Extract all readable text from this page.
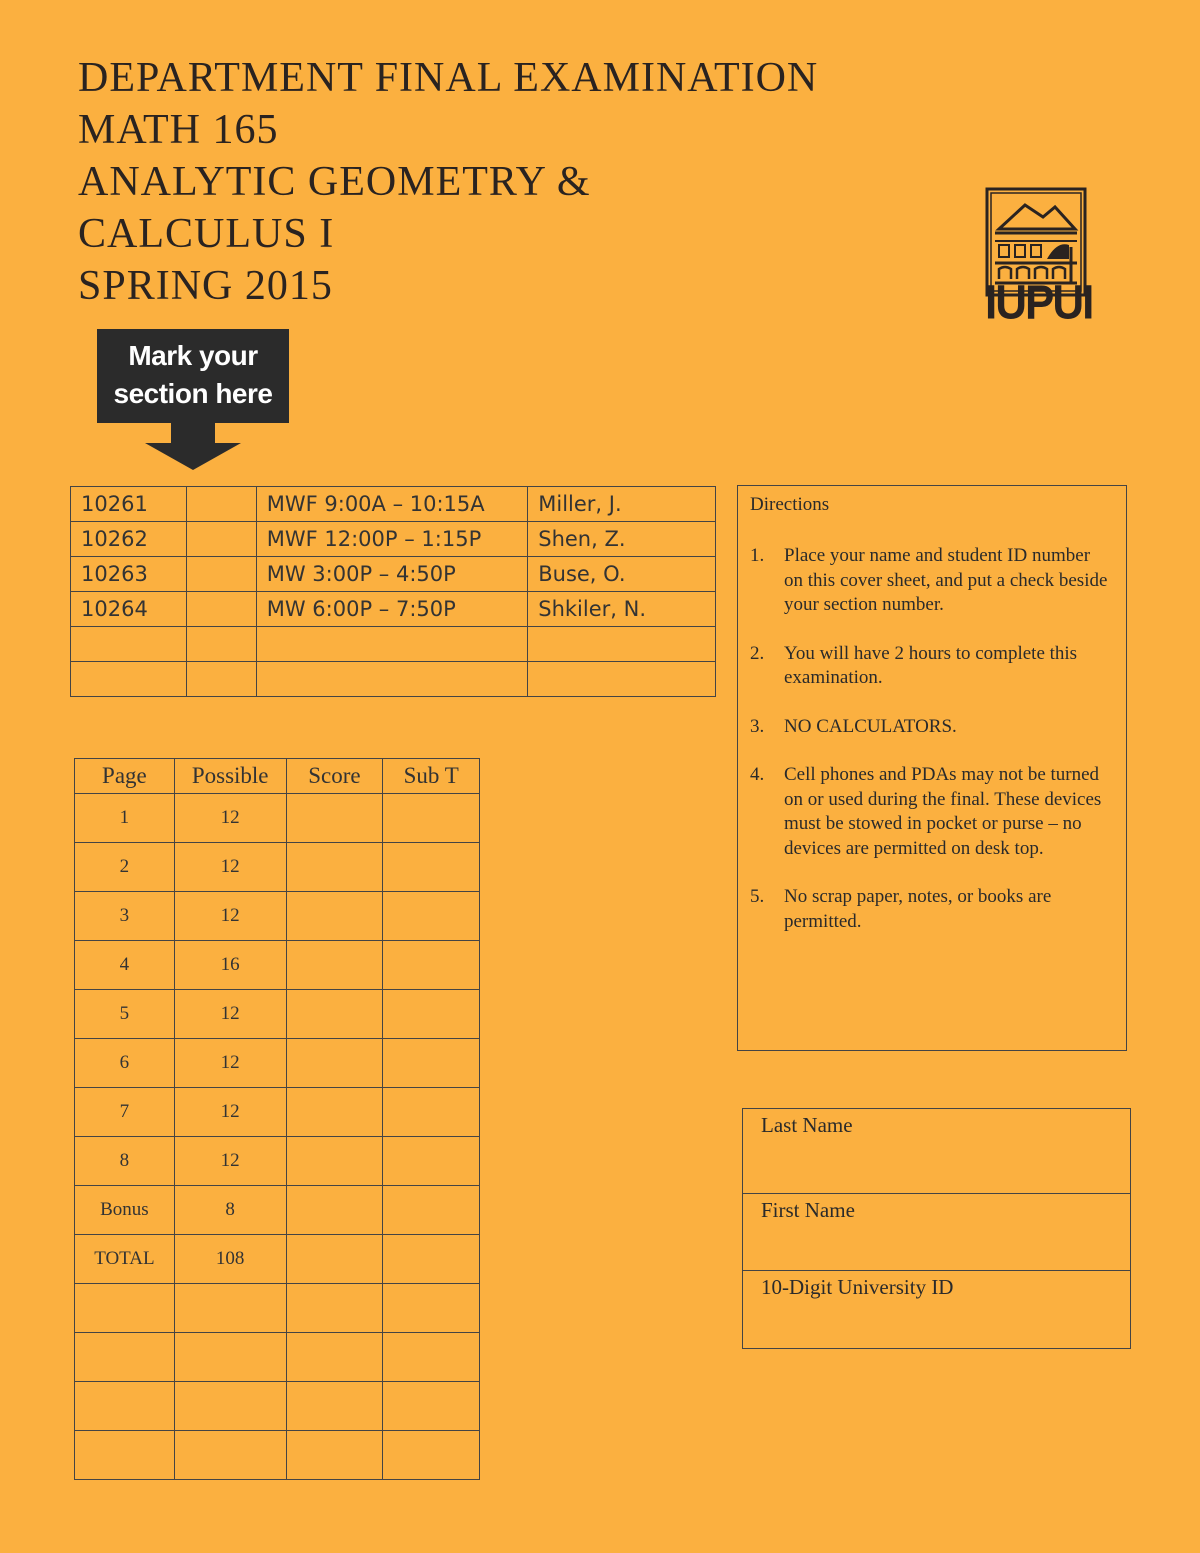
DEPARTMENT FINAL EXAMINATION
MATH 165
ANALYTIC GEOMETRY &
CALCULUS I
SPRING 2015	IUPUI
Mark your
section here
10261		MWF 9:00A – 10:15A	Miller, J.
10262		MWF 12:00P – 1:15P	Shen, Z.
10263		MW 3:00P – 4:50P	Buse, O.
10264		MW 6:00P – 7:50P	Shkiler, N.

Page	Possible	Score	Sub T
1	12		
2	12		
3	12		
4	16		
5	12		
6	12		
7	12		
8	12		
Bonus	8		
TOTAL	108		

Directions
1.	Place your name and student ID number on this cover sheet, and put a check beside your section number.
2.	You will have 2 hours to complete this examination.
3.	NO CALCULATORS.
4.	Cell phones and PDAs may not be turned on or used during the final. These devices must be stowed in pocket or purse – no devices are permitted on desk top.
5.	No scrap paper, notes, or books are permitted.
Last Name
First Name
10-Digit University ID
